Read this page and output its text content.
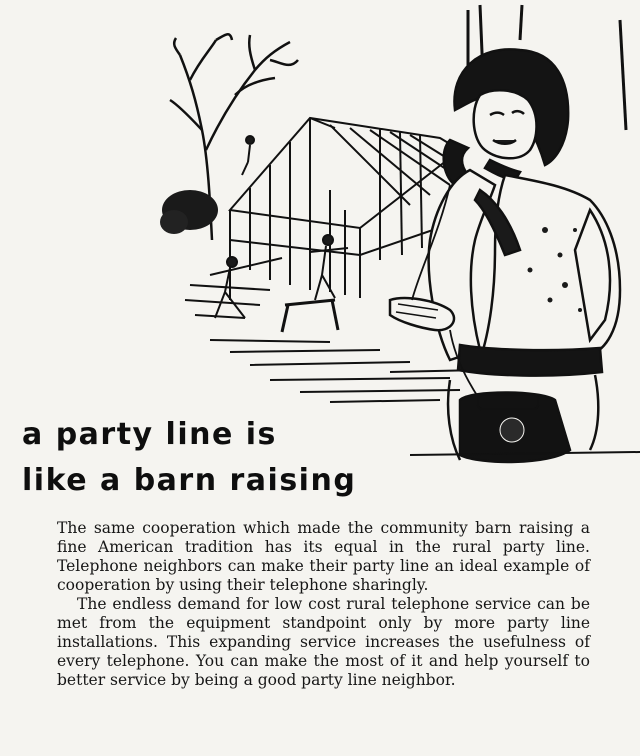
a party line is
like a barn raising

The same cooperation which made the community barn raising a fine American tradition has its equal in the rural party line. Telephone neighbors can make their party line an ideal example of cooperation by using their telephone sharingly.

The endless demand for low cost rural telephone service can be met from the equipment standpoint only by more party line installations. This expanding service increases the usefulness of every telephone. You can make the most of it and help yourself to better service by being a good party line neighbor.
